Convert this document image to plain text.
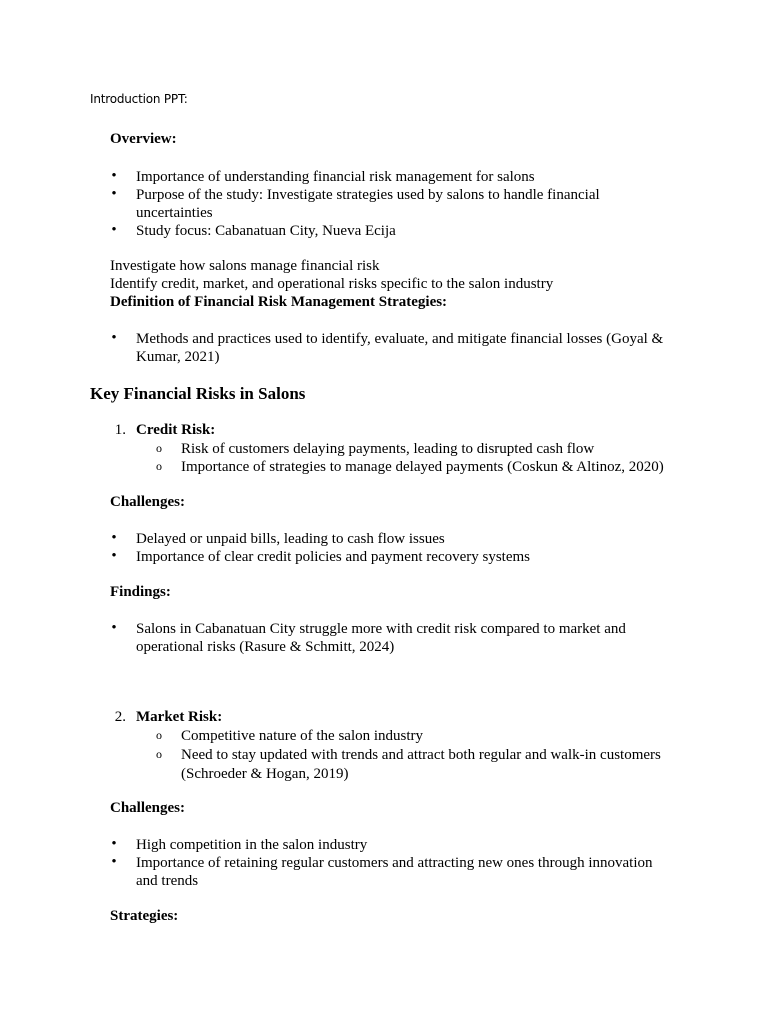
Introduction PPT:
Overview:
• Importance of understanding financial risk management for salons
• Purpose of the study: Investigate strategies used by salons to handle financial uncertainties
• Study focus: Cabanatuan City, Nueva Ecija
Investigate how salons manage financial risk
Identify credit, market, and operational risks specific to the salon industry
Definition of Financial Risk Management Strategies:
• Methods and practices used to identify, evaluate, and mitigate financial losses (Goyal & Kumar, 2021)
Key Financial Risks in Salons
1. Credit Risk:
o Risk of customers delaying payments, leading to disrupted cash flow
o Importance of strategies to manage delayed payments (Coskun & Altinoz, 2020)
Challenges:
• Delayed or unpaid bills, leading to cash flow issues
• Importance of clear credit policies and payment recovery systems
Findings:
• Salons in Cabanatuan City struggle more with credit risk compared to market and operational risks (Rasure & Schmitt, 2024)
2. Market Risk:
o Competitive nature of the salon industry
o Need to stay updated with trends and attract both regular and walk-in customers (Schroeder & Hogan, 2019)
Challenges:
• High competition in the salon industry
• Importance of retaining regular customers and attracting new ones through innovation and trends
Strategies:
